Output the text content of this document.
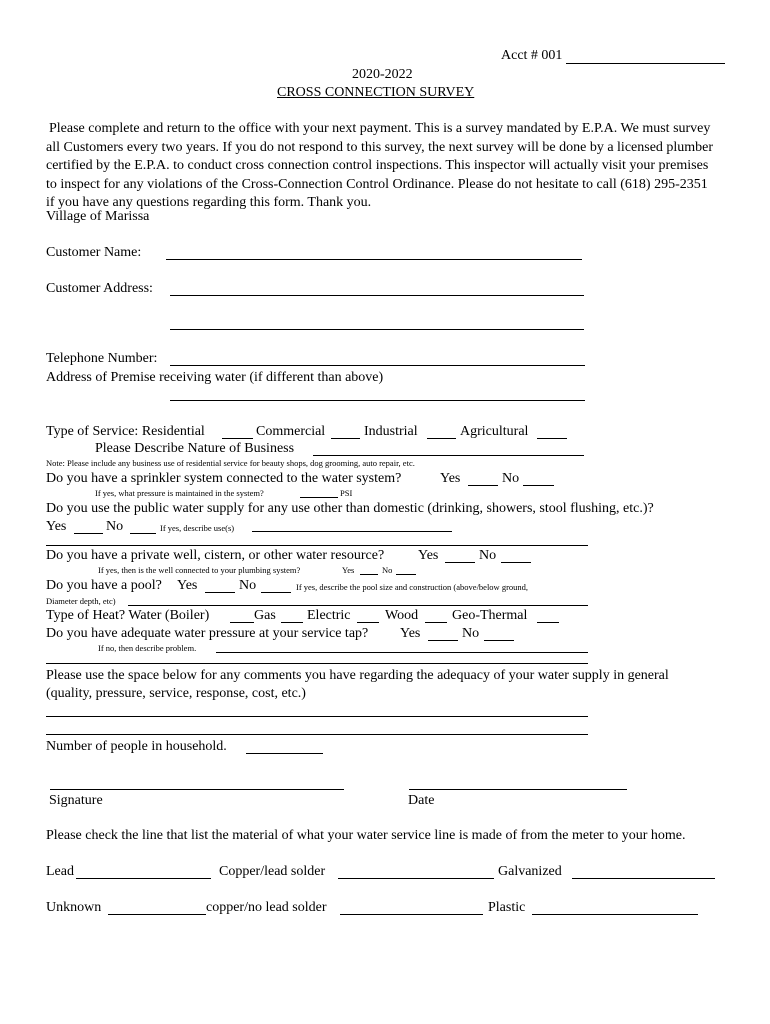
Acct # 001
2020-2022
CROSS CONNECTION SURVEY
Please complete and return to the office with your next payment. This is a survey mandated by E.P.A. We must survey all Customers every two years. If you do not respond to this survey, the next survey will be done by a licensed plumber certified by the E.P.A. to conduct cross connection control inspections. This inspector will actually visit your premises to inspect for any violations of the Cross-Connection Control Ordinance. Please do not hesitate to call (618) 295-2351 if you have any questions regarding this form. Thank you.
Village of Marissa
Customer Name:
Customer Address:
Telephone Number:
Address of Premise receiving water (if different than above)
Type of Service: Residential	Commercial	Industrial	Agricultural
Please Describe Nature of Business
Note: Please include any business use of residential service for beauty shops, dog grooming, auto repair, etc.
Do you have a sprinkler system connected to the water system?	Yes	No
If yes, what pressure is maintained in the system?	PSI
Do you use the public water supply for any use other than domestic (drinking, showers, stool flushing, etc.)?
Yes	No	If yes, describe use(s)
Do you have a private well, cistern, or other water resource? Yes	No
If yes, then is the well connected to your plumbing system?	Yes	No
Do you have a pool? Yes	No	If yes, describe the pool size and construction (above/below ground,
Diameter depth, etc)
Type of Heat? Water (Boiler)	Gas Electric Wood Geo-Thermal
Do you have adequate water pressure at your service tap? Yes	No
If no, then describe problem.
Please use the space below for any comments you have regarding the adequacy of your water supply in general
(quality, pressure, service, response, cost, etc.)
Number of people in household.
Signature	Date
Please check the line that list the material of what your water service line is made of from the meter to your home.
Lead	Copper/lead solder	Galvanized
Unknown	copper/no lead solder	Plastic
